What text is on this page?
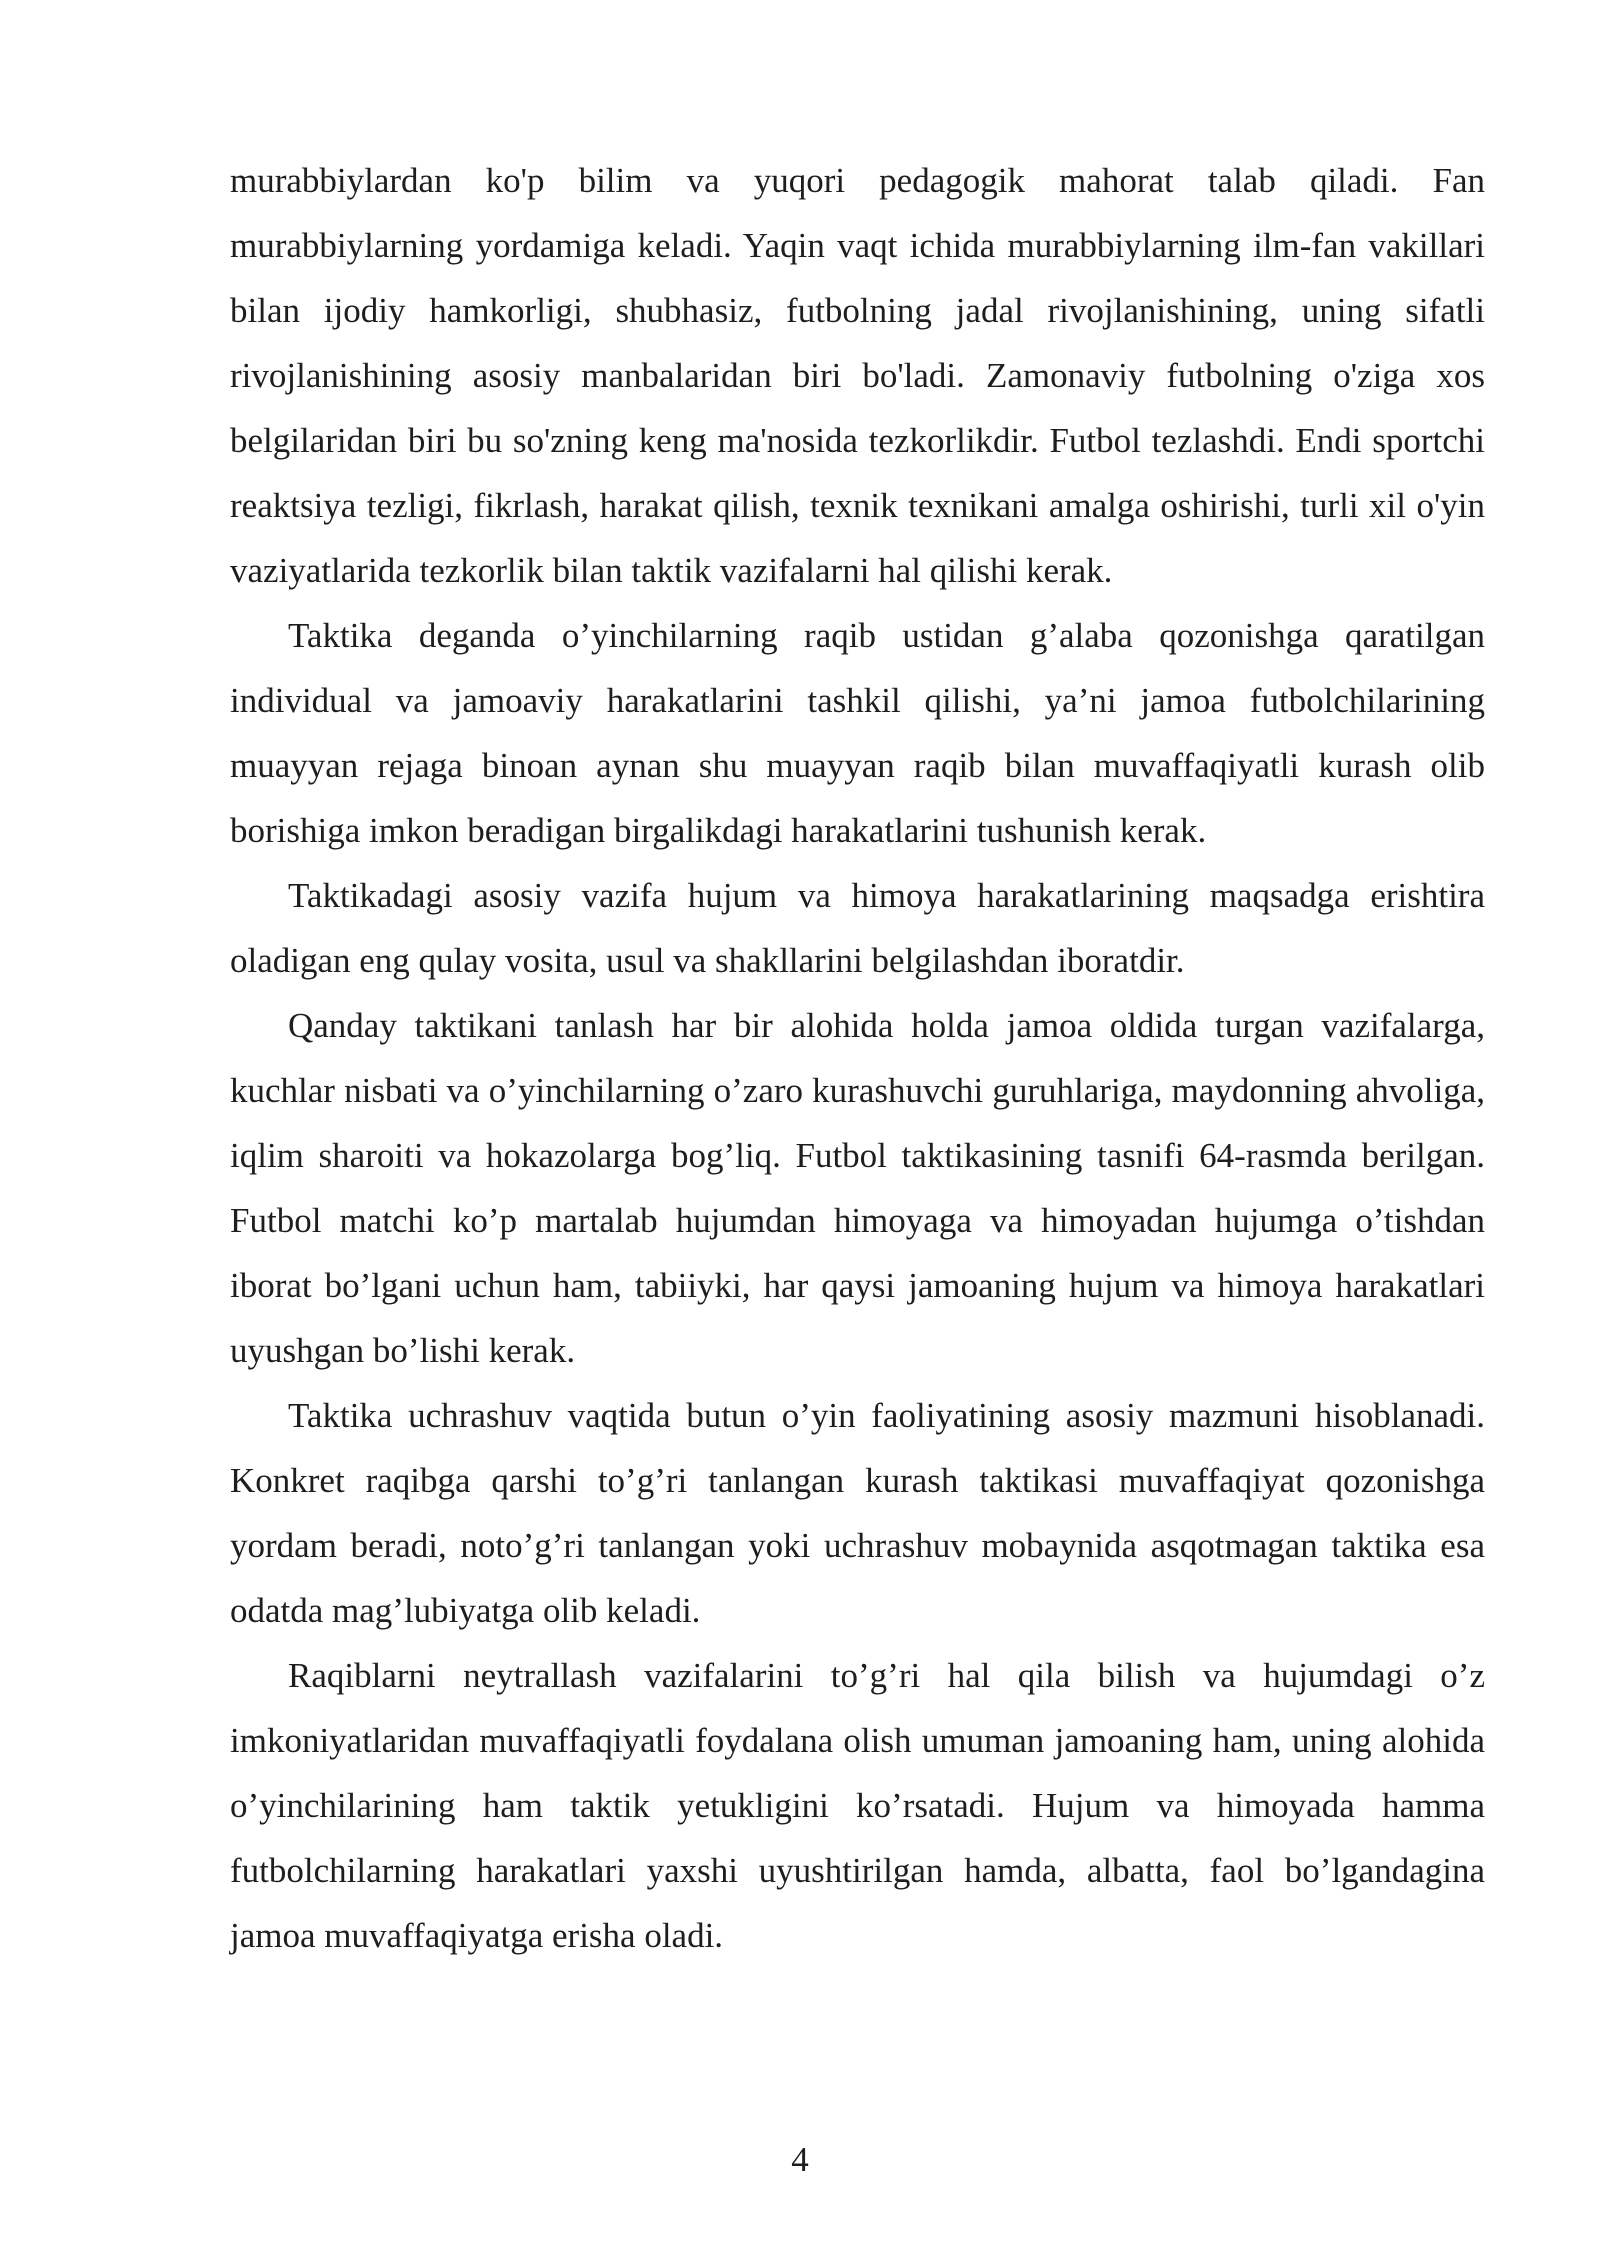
murabbiylardan ko'p bilim va yuqori pedagogik mahorat talab qiladi. Fan murabbiylarning yordamiga keladi. Yaqin vaqt ichida murabbiylarning ilm-fan vakillari bilan ijodiy hamkorligi, shubhasiz, futbolning jadal rivojlanishining, uning sifatli rivojlanishining asosiy manbalaridan biri bo'ladi. Zamonaviy futbolning o'ziga xos belgilaridan biri bu so'zning keng ma'nosida tezkorlikdir. Futbol tezlashdi. Endi sportchi reaktsiya tezligi, fikrlash, harakat qilish, texnik texnikani amalga oshirishi, turli xil o'yin vaziyatlarida tezkorlik bilan taktik vazifalarni hal qilishi kerak.

Taktika deganda o’yinchilarning raqib ustidan g’alaba qozonishga qaratilgan individual va jamoaviy harakatlarini tashkil qilishi, ya’ni jamoa futbolchilarining muayyan rejaga binoan aynan shu muayyan raqib bilan muvaffaqiyatli kurash olib borishiga imkon beradigan birgalikdagi harakatlarini tushunish kerak.

Taktikadagi asosiy vazifa hujum va himoya harakatlarining maqsadga erishtira oladigan eng qulay vosita, usul va shakllarini belgilashdan iboratdir.

Qanday taktikani tanlash har bir alohida holda jamoa oldida turgan vazifalarga, kuchlar nisbati va o’yinchilarning o’zaro kurashuvchi guruhlariga, maydonning ahvoliga, iqlim sharoiti va hokazolarga bog’liq. Futbol taktikasining tasnifi 64-rasmda berilgan. Futbol matchi ko’p martalab hujumdan himoyaga va himoyadan hujumga o’tishdan iborat bo’lgani uchun ham, tabiiyki, har qaysi jamoaning hujum va himoya harakatlari uyushgan bo’lishi kerak.

Taktika uchrashuv vaqtida butun o’yin faoliyatining asosiy mazmuni hisoblanadi. Konkret raqibga qarshi to’g’ri tanlangan kurash taktikasi muvaffaqiyat qozonishga yordam beradi, noto’g’ri tanlangan yoki uchrashuv mobaynida asqotmagan taktika esa odatda mag’lubiyatga olib keladi.

Raqiblarni neytrallash vazifalarini to’g’ri hal qila bilish va hujumdagi o’z imkoniyatlaridan muvaffaqiyatli foydalana olish umuman jamoaning ham, uning alohida o’yinchilarining ham taktik yetukligini ko’rsatadi. Hujum va himoyada hamma futbolchilarning harakatlari yaxshi uyushtirilgan hamda, albatta, faol bo’lgandagina jamoa muvaffaqiyatga erisha oladi.

4
